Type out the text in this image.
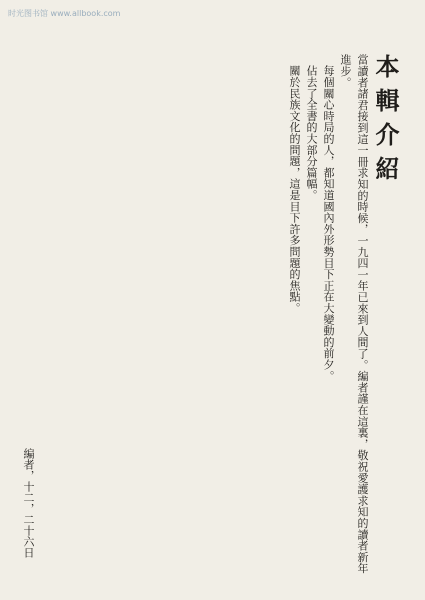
时光图书馆 www.allbook.com
本輯介紹
當讀者諸君接到這一冊求知的時候，一九四一年已來到人間了。編者謹在這裏，敬祝愛護求知的讀者新年進步。
每個關心時局的人，都知道國內外形勢目下正在大變動的前夕。
佔去了全書的大部分篇幅。
關於民族文化的問題，這是目下許多問題的焦點。
編者，十二，二十六日
